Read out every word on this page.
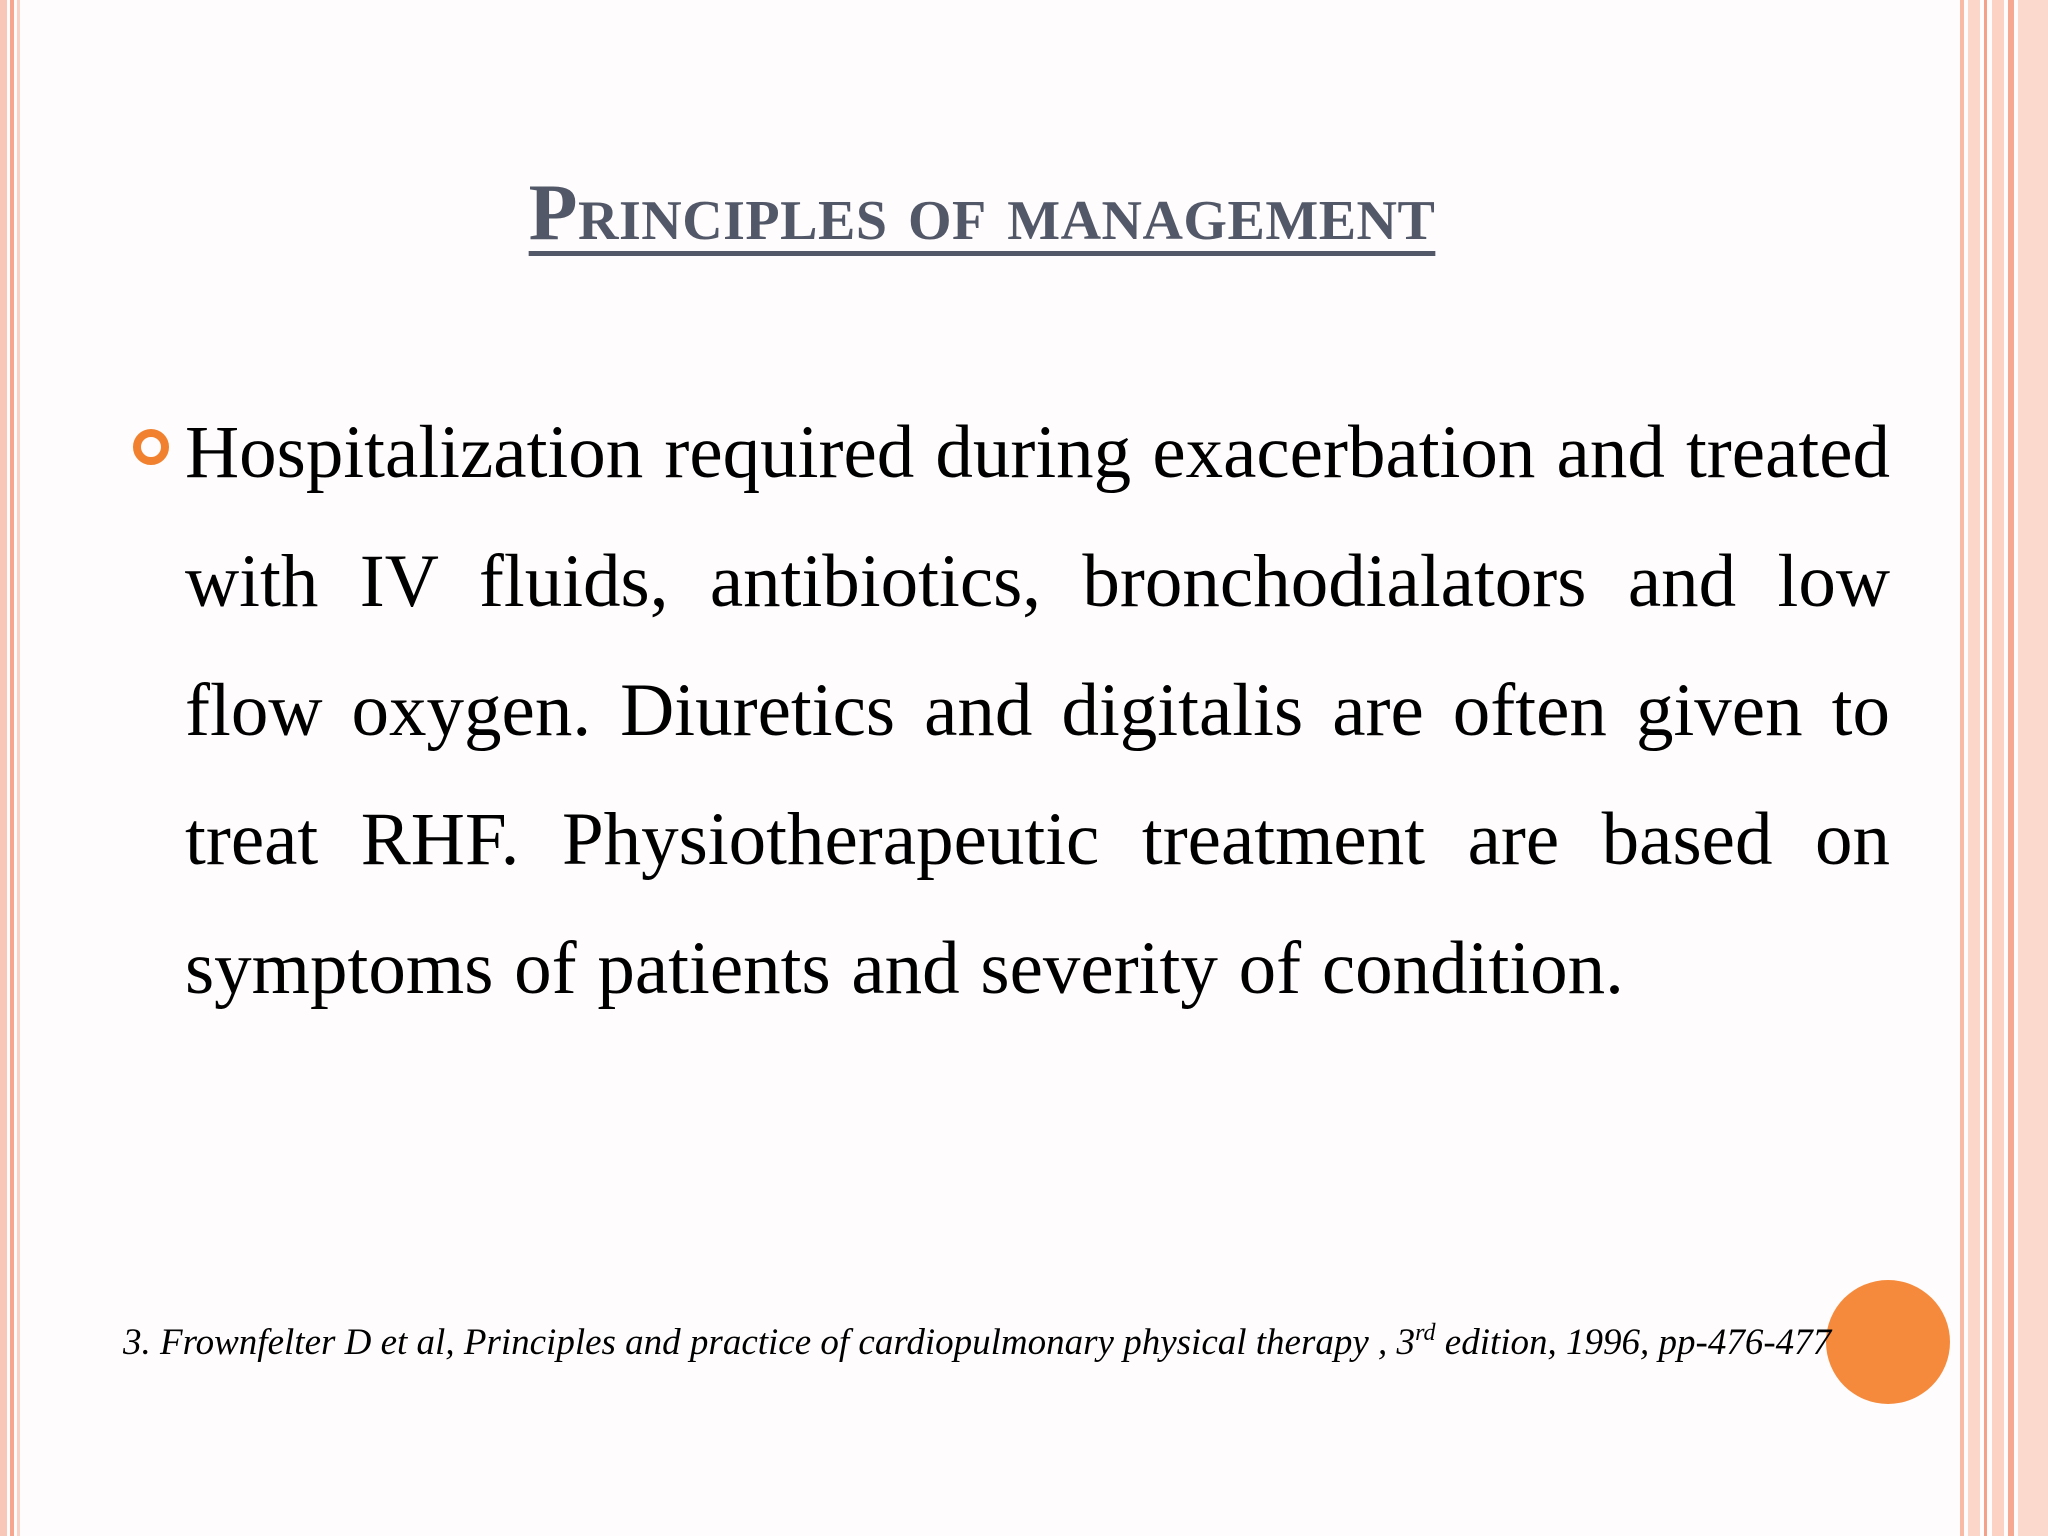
Principles of management
Hospitalization required during exacerbation and treated with IV fluids, antibiotics, bronchodialators and low flow oxygen. Diuretics and digitalis are often given to treat RHF. Physiotherapeutic treatment are based on symptoms of patients and severity of condition.
3. Frownfelter D et al, Principles and practice of cardiopulmonary physical therapy , 3rd edition, 1996, pp-476-477
